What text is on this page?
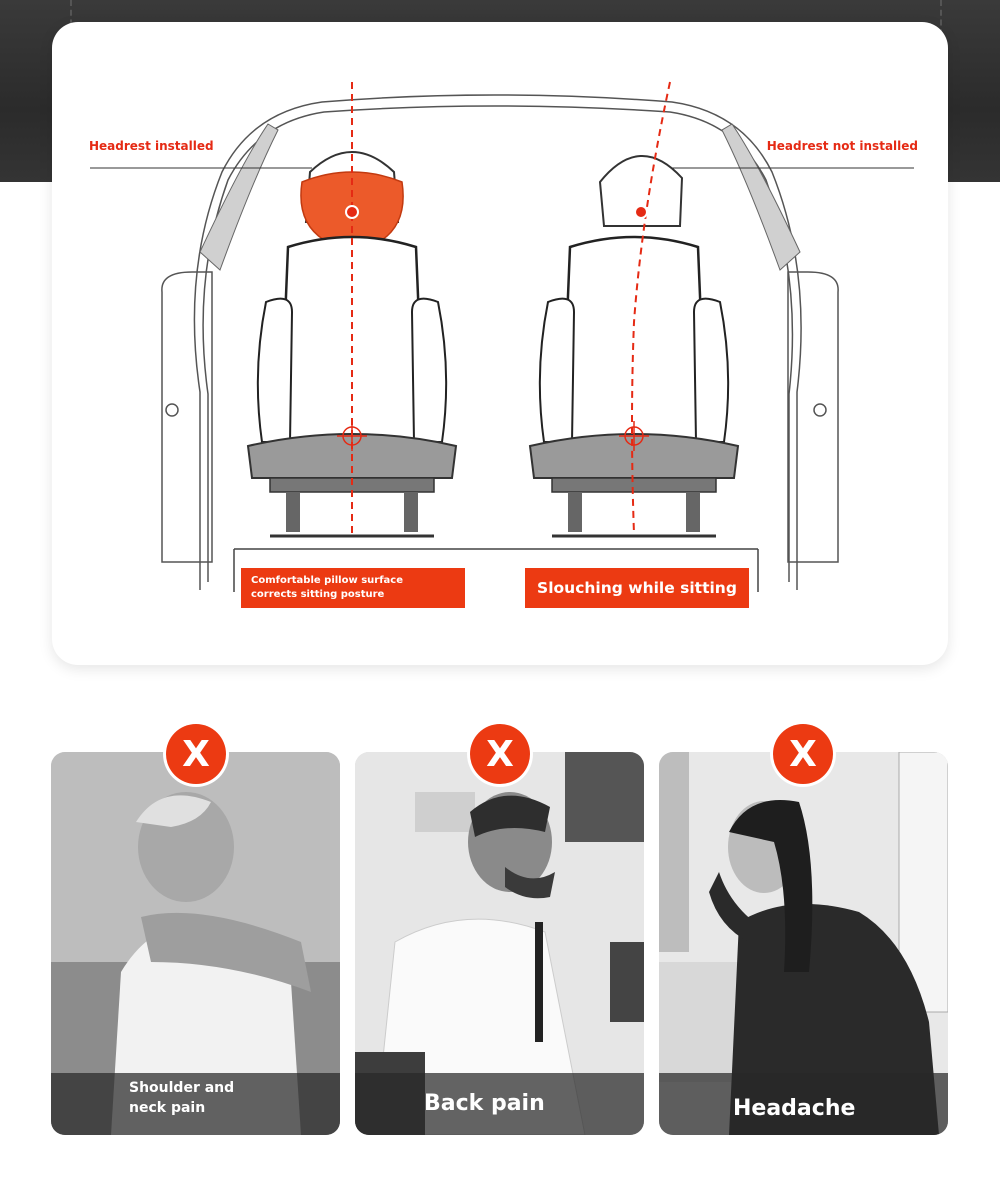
Headrest installed	Headrest not installed
Comfortable pillow surface
corrects sitting posture	Slouching while sitting
Shoulder and
neck pain
X
Back pain
X
Headache
X
